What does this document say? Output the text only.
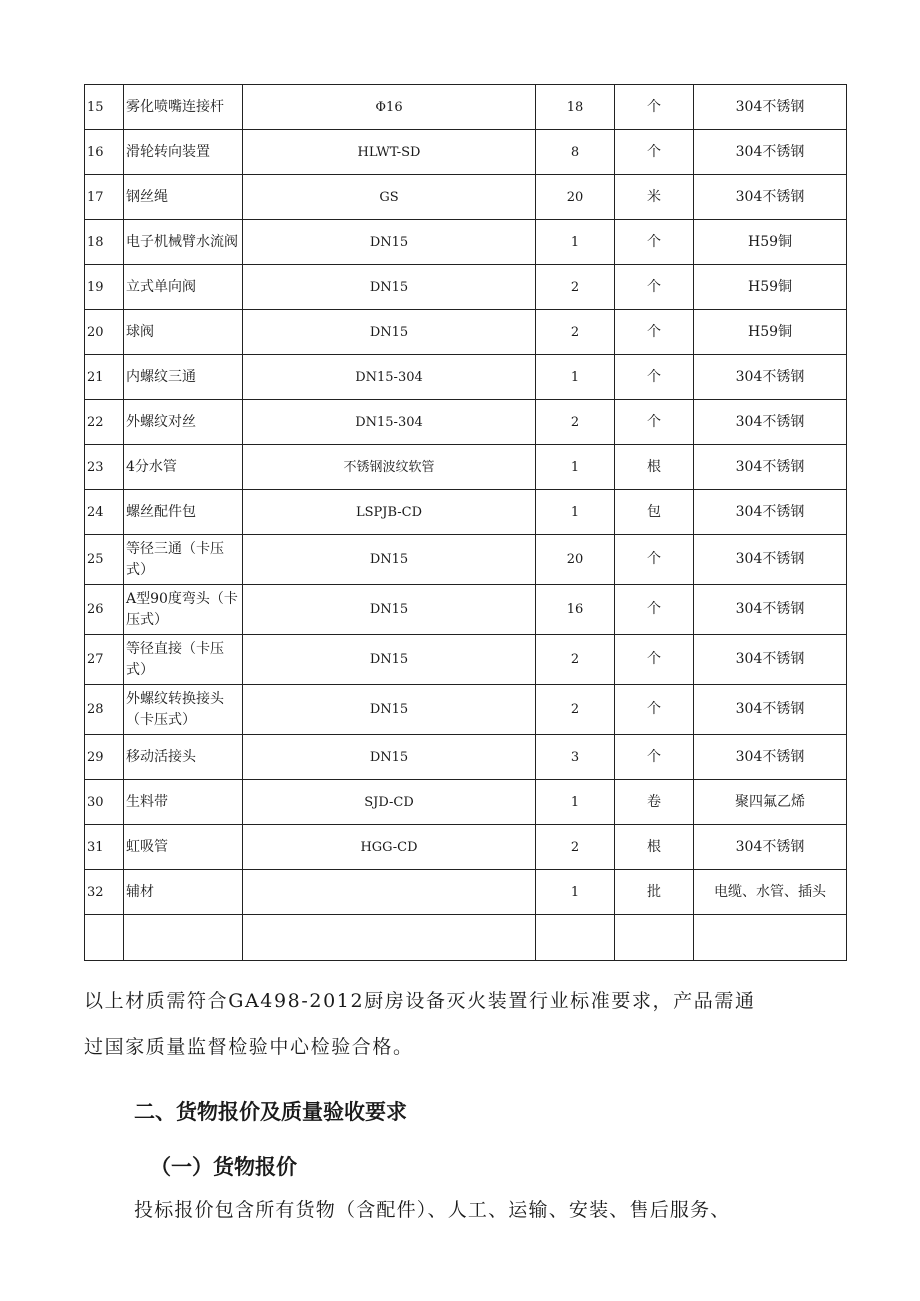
15	雾化喷嘴连接杆	Φ16	18	个	304不锈钢
16	滑轮转向装置	HLWT-SD	8	个	304不锈钢
17	钢丝绳	GS	20	米	304不锈钢
18	电子机械臂水流阀	DN15	1	个	H59铜
19	立式单向阀	DN15	2	个	H59铜
20	球阀	DN15	2	个	H59铜
21	内螺纹三通	DN15-304	1	个	304不锈钢
22	外螺纹对丝	DN15-304	2	个	304不锈钢
23	4分水管	不锈钢波纹软管	1	根	304不锈钢
24	螺丝配件包	LSPJB-CD	1	包	304不锈钢
25	等径三通（卡压式）	DN15	20	个	304不锈钢
26	A型90度弯头（卡压式）	DN15	16	个	304不锈钢
27	等径直接（卡压式）	DN15	2	个	304不锈钢
28	外螺纹转换接头（卡压式）	DN15	2	个	304不锈钢
29	移动活接头	DN15	3	个	304不锈钢
30	生料带	SJD-CD	1	卷	聚四氟乙烯
31	虹吸管	HGG-CD	2	根	304不锈钢
32	辅材		1	批	电缆、水管、插头

以上材质需符合GA498-2012厨房设备灭火装置行业标准要求，产品需通

过国家质量监督检验中心检验合格。

二、货物报价及质量验收要求
（一）货物报价

投标报价包含所有货物（含配件）、人工、运输、安装、售后服务、
